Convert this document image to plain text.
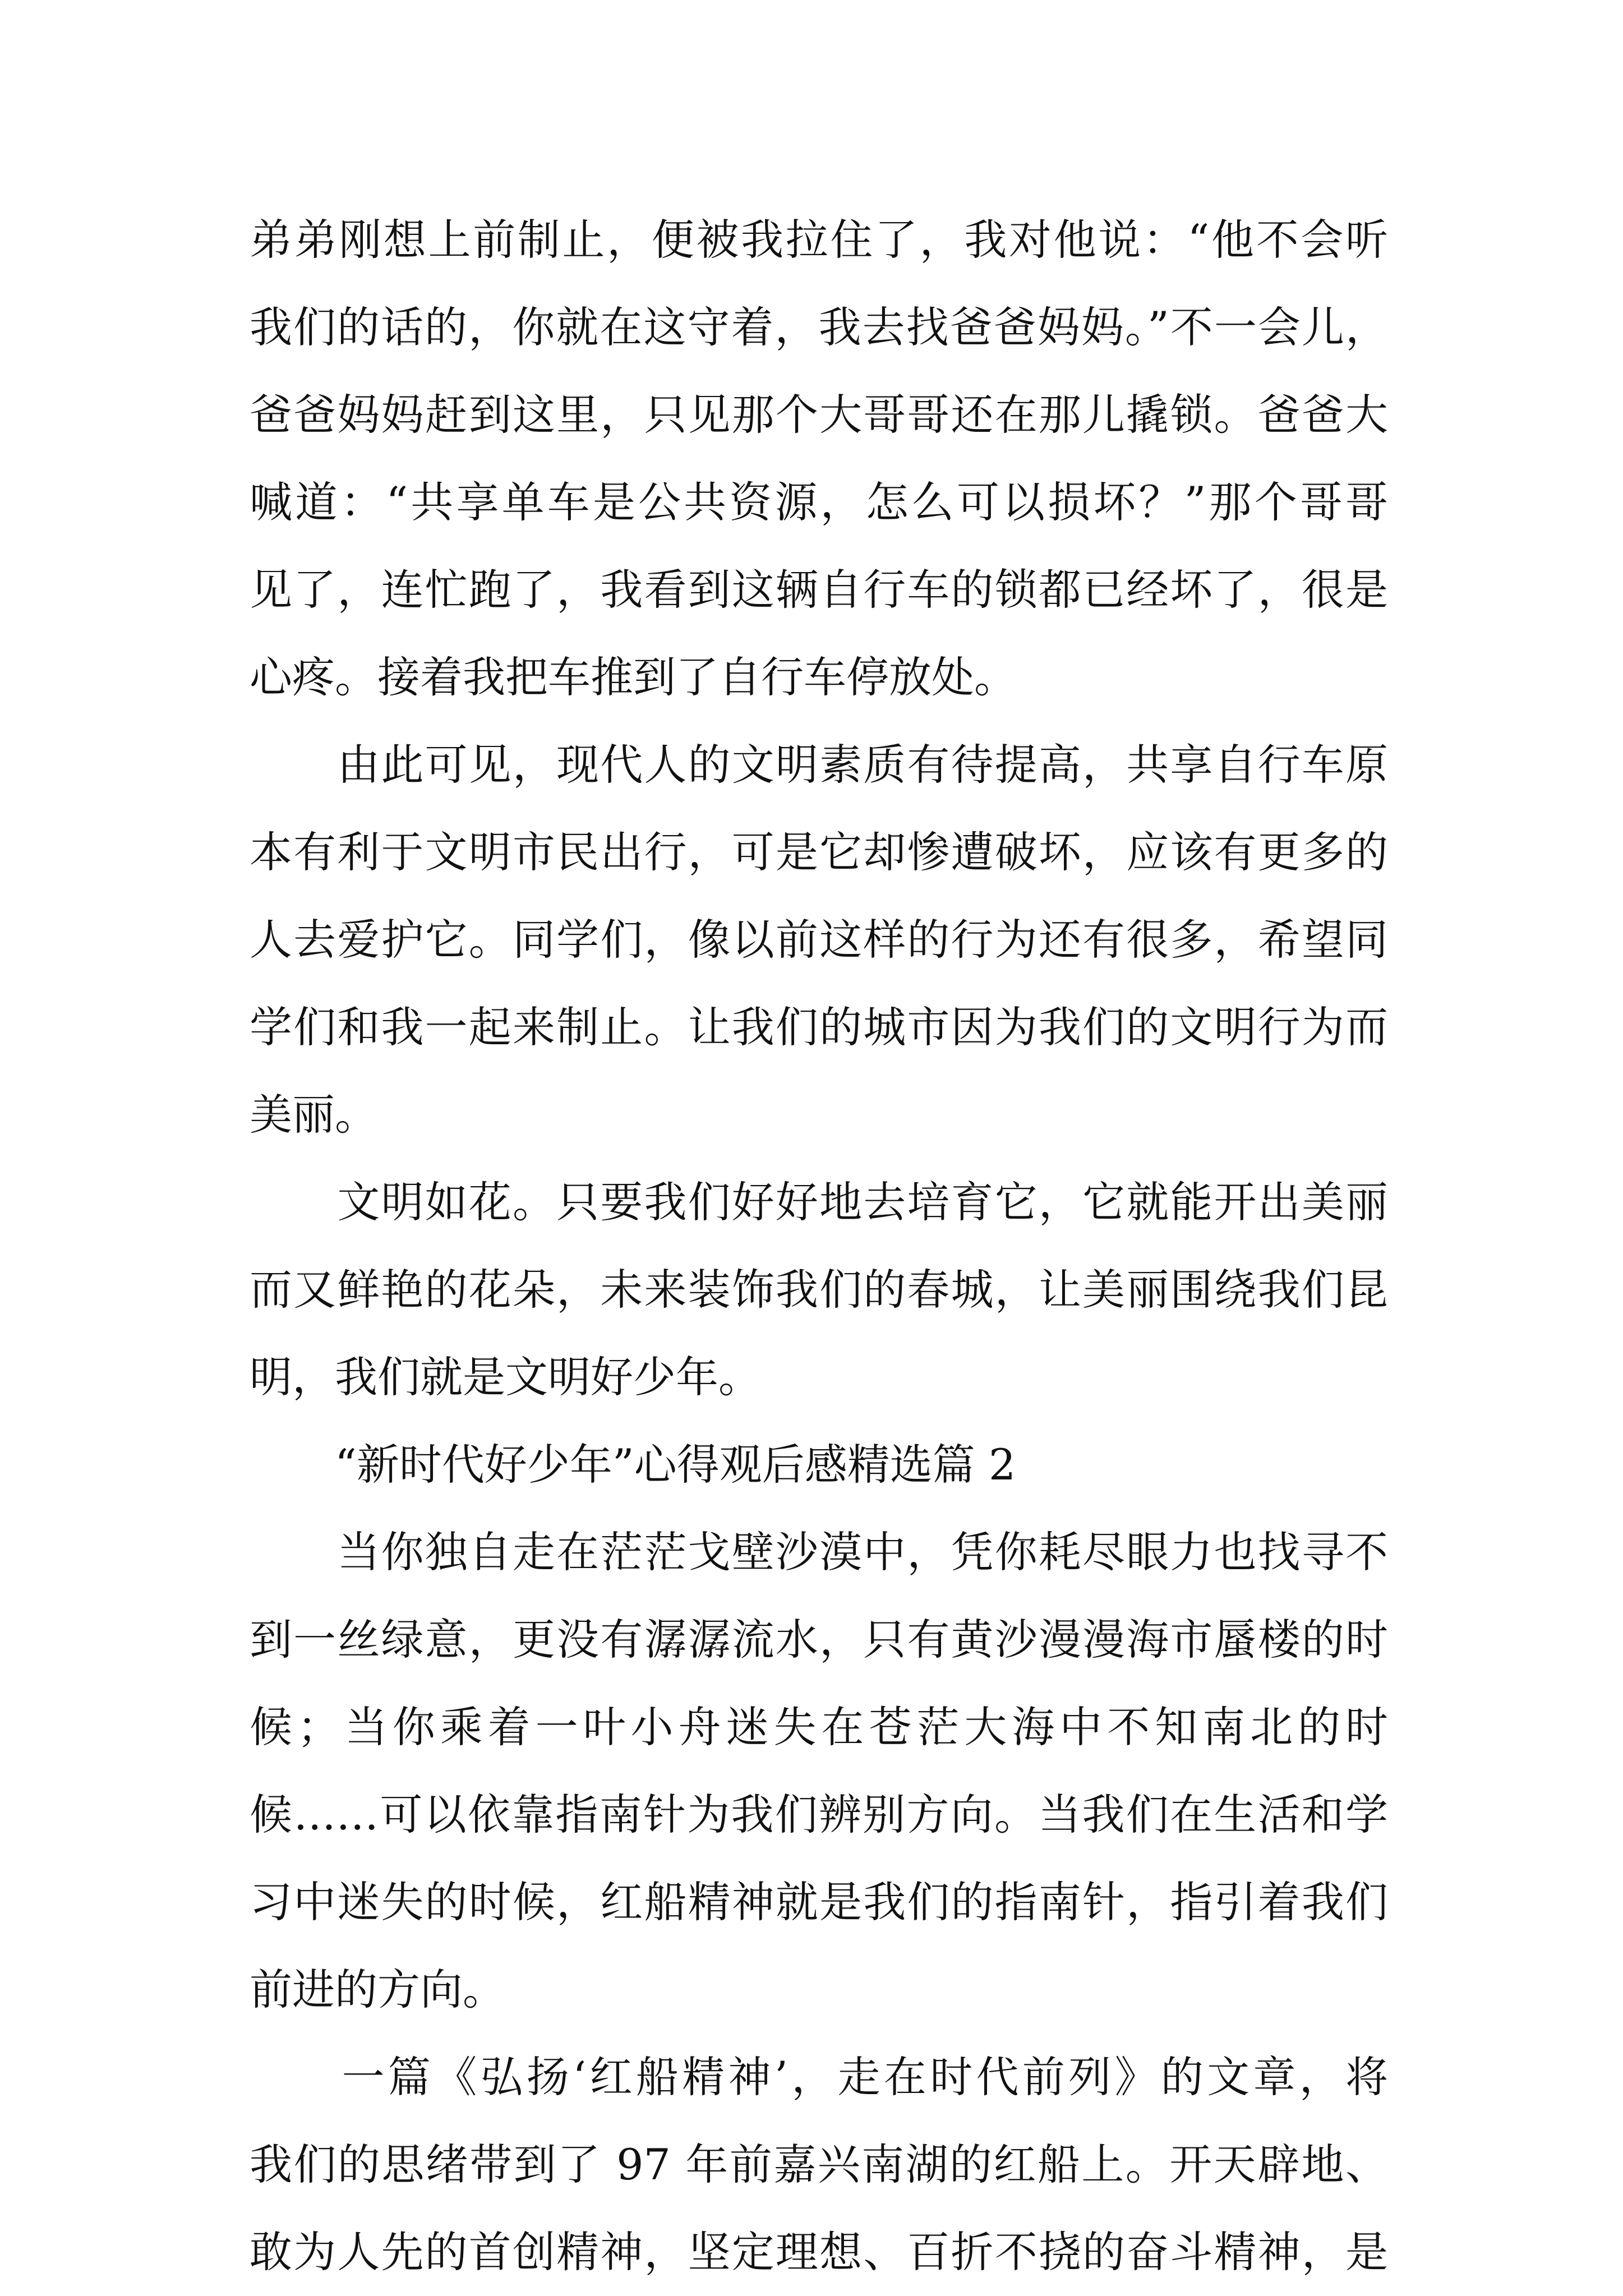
弟弟刚想上前制止，便被我拉住了，我对他说：“他不会听
我们的话的，你就在这守着，我去找爸爸妈妈。”不一会儿，
爸爸妈妈赶到这里，只见那个大哥哥还在那儿撬锁。爸爸大
喊道：“共享单车是公共资源，怎么可以损坏？”那个哥哥
见了，连忙跑了，我看到这辆自行车的锁都已经坏了，很是
心疼。接着我把车推到了自行车停放处。
　　由此可见，现代人的文明素质有待提高，共享自行车原
本有利于文明市民出行，可是它却惨遭破坏，应该有更多的
人去爱护它。同学们，像以前这样的行为还有很多，希望同
学们和我一起来制止。让我们的城市因为我们的文明行为而
美丽。
　　文明如花。只要我们好好地去培育它，它就能开出美丽
而又鲜艳的花朵，未来装饰我们的春城，让美丽围绕我们昆
明，我们就是文明好少年。
　　“新时代好少年”心得观后感精选篇 2
　　当你独自走在茫茫戈壁沙漠中，凭你耗尽眼力也找寻不
到一丝绿意，更没有潺潺流水，只有黄沙漫漫海市蜃楼的时
候；当你乘着一叶小舟迷失在苍茫大海中不知南北的时
候……可以依靠指南针为我们辨别方向。当我们在生活和学
习中迷失的时候，红船精神就是我们的指南针，指引着我们
前进的方向。
　　一篇《弘扬‘红船精神’，走在时代前列》的文章，将
我们的思绪带到了 97 年前嘉兴南湖的红船上。开天辟地、
敢为人先的首创精神，坚定理想、百折不挠的奋斗精神，是
